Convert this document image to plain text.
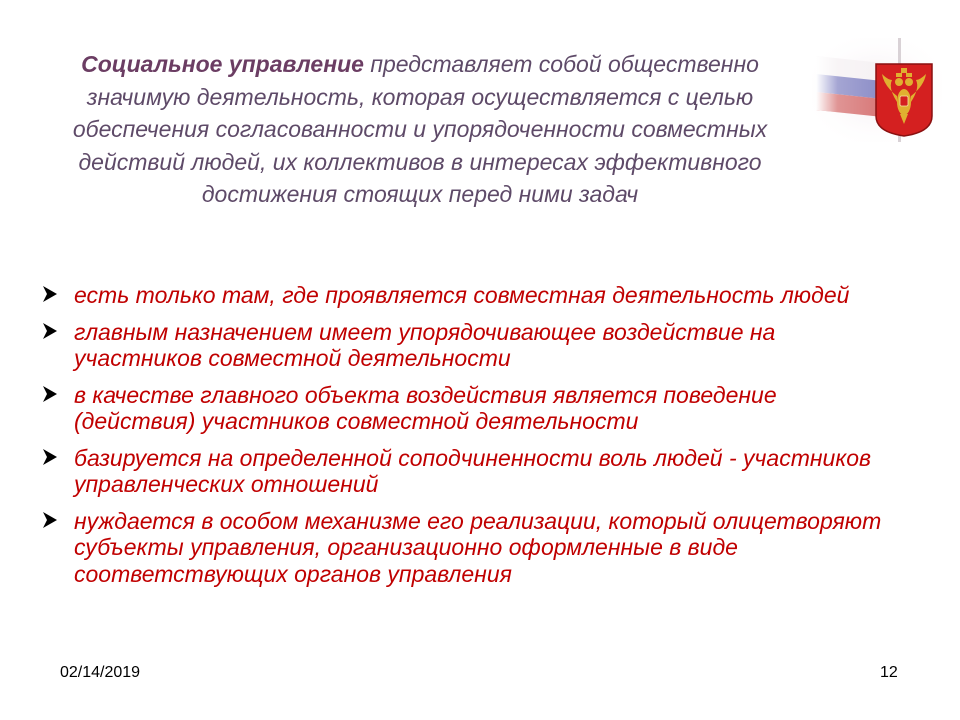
Социальное управление представляет собой общественно значимую деятельность, которая осуществляется с целью обеспечения согласованности и упорядоченности совместных действий людей, их коллективов в интересах эффективного достижения стоящих перед ними задач
есть только там, где проявляется совместная деятельность людей
главным назначением имеет упорядочивающее воздействие на участников совместной деятельности
в качестве главного объекта воздействия является поведение (действия) участников совместной деятельности
базируется на определенной соподчиненности воль людей - участников управленческих отношений
нуждается в особом механизме его реализации, который олицетворяют субъекты управления, организационно оформленные в виде соответствующих органов управления
02/14/2019	12
